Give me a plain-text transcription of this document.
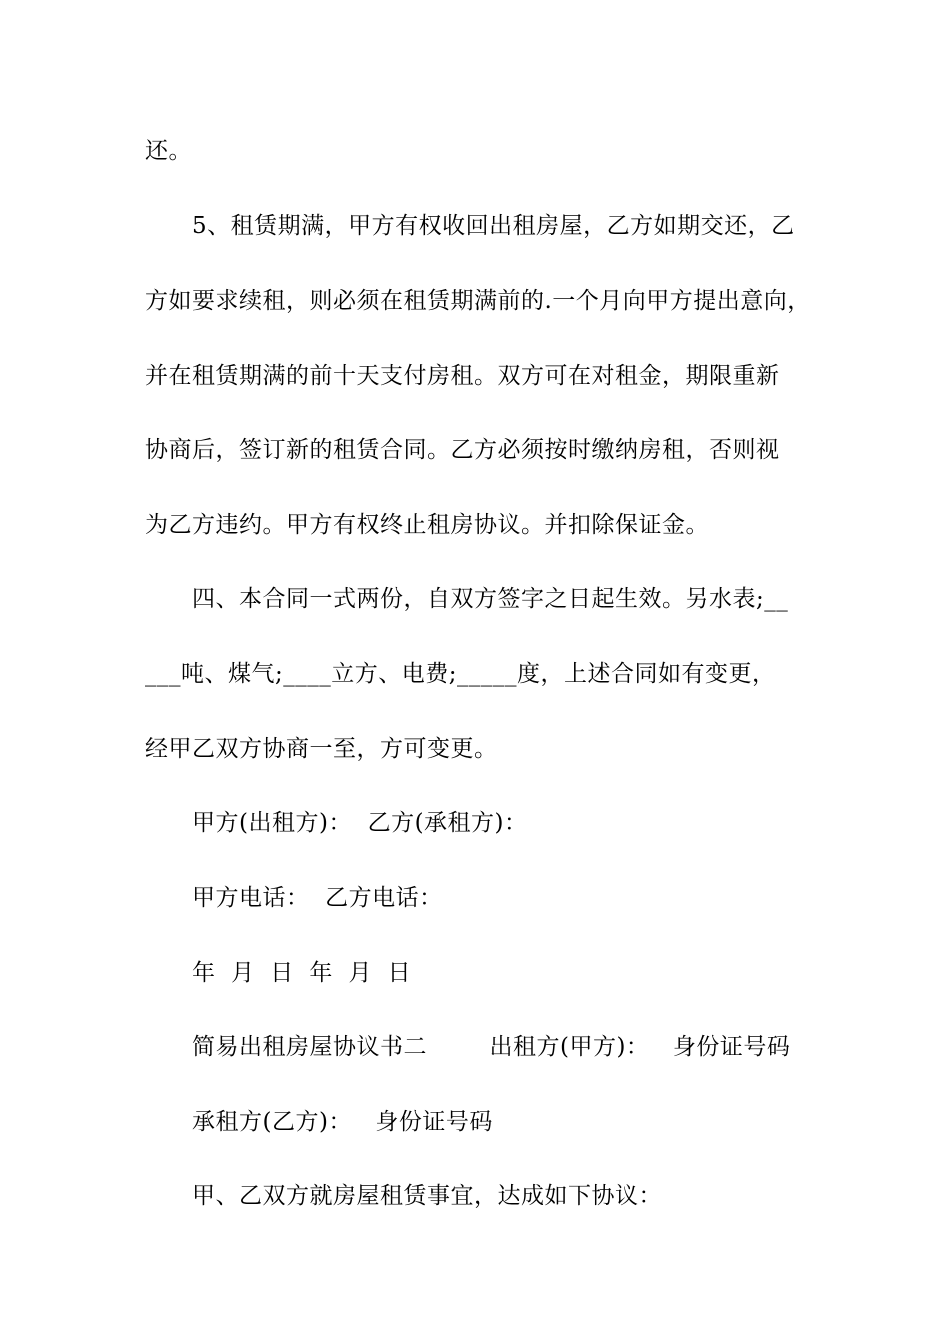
还。
5、租赁期满，甲方有权收回出租房屋，乙方如期交还，乙
方如要求续租，则必须在租赁期满前的.一个月向甲方提出意向，
并在租赁期满的前十天支付房租。双方可在对租金，期限重新
协商后，签订新的租赁合同。乙方必须按时缴纳房租，否则视
为乙方违约。甲方有权终止租房协议。并扣除保证金。
四、本合同一式两份，自双方签字之日起生效。另水表;__
___吨、煤气;____立方、电费;_____度，上述合同如有变更，
经甲乙双方协商一至，方可变更。
甲方(出租方)：  乙方(承租方)：
甲方电话：  乙方电话：
年  月  日  年  月  日
简易出租房屋协议书二        出租方(甲方)：   身份证号码
承租方(乙方)：   身份证号码
甲、乙双方就房屋租赁事宜，达成如下协议：
